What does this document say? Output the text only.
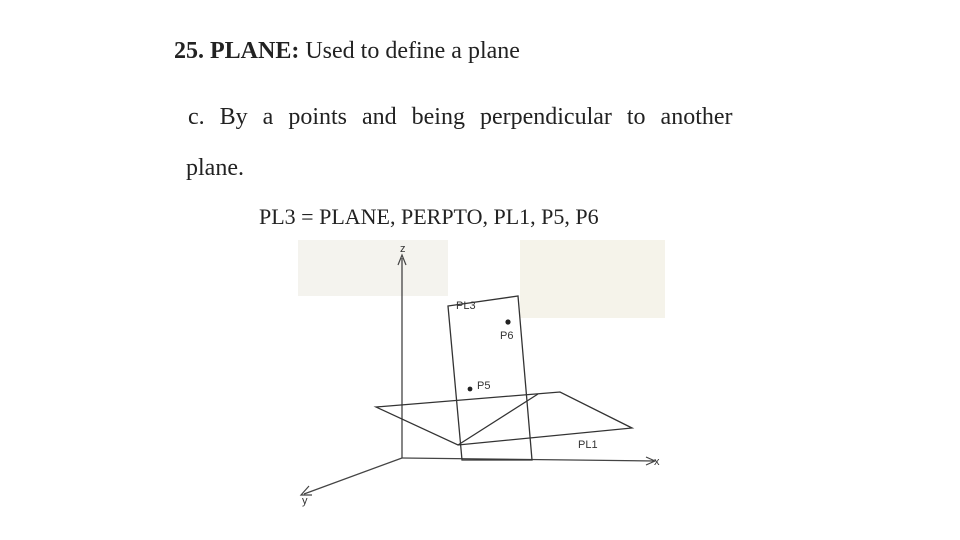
25. PLANE: Used to define a plane
c. By a points and being perpendicular to another
plane.
PL3 = PLANE, PERPTO, PL1, P5, P6
z
x
y
PL3
P6
P5
PL1
